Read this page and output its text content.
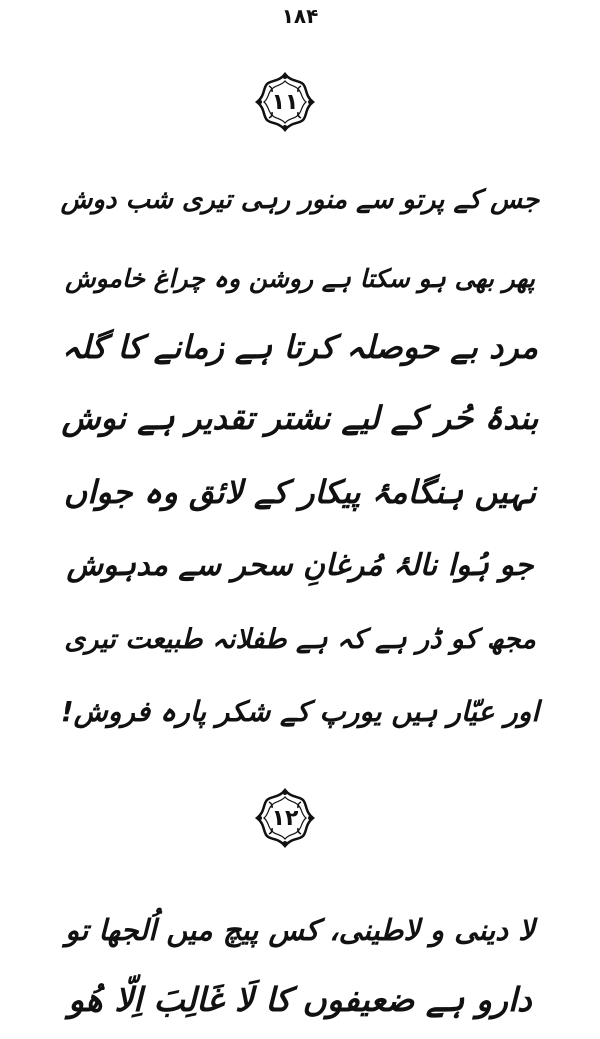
۱۸۴
۱۱
جس کے پرتو سے منور رہی تیری شب دوش
پھر بھی ہو سکتا ہے روشن وہ چراغ خاموش
مرد بے حوصلہ کرتا ہے زمانے کا گلہ
بندۂ حُر کے لیے نشتر تقدیر ہے نوش
نہیں ہنگامۂ پیکار کے لائق وہ جواں
جو ہُوا نالۂ مُرغانِ سحر سے مدہوش
مجھ کو ڈر ہے کہ ہے طفلانہ طبیعت تیری
اور عیّار ہیں یورپ کے شکر پارہ فروش!
۱۲
لا دینی و لاطینی، کس پیچ میں اُلجھا تو
دارو ہے ضعیفوں کا لَا غَالِبَ اِلّا ھُو
